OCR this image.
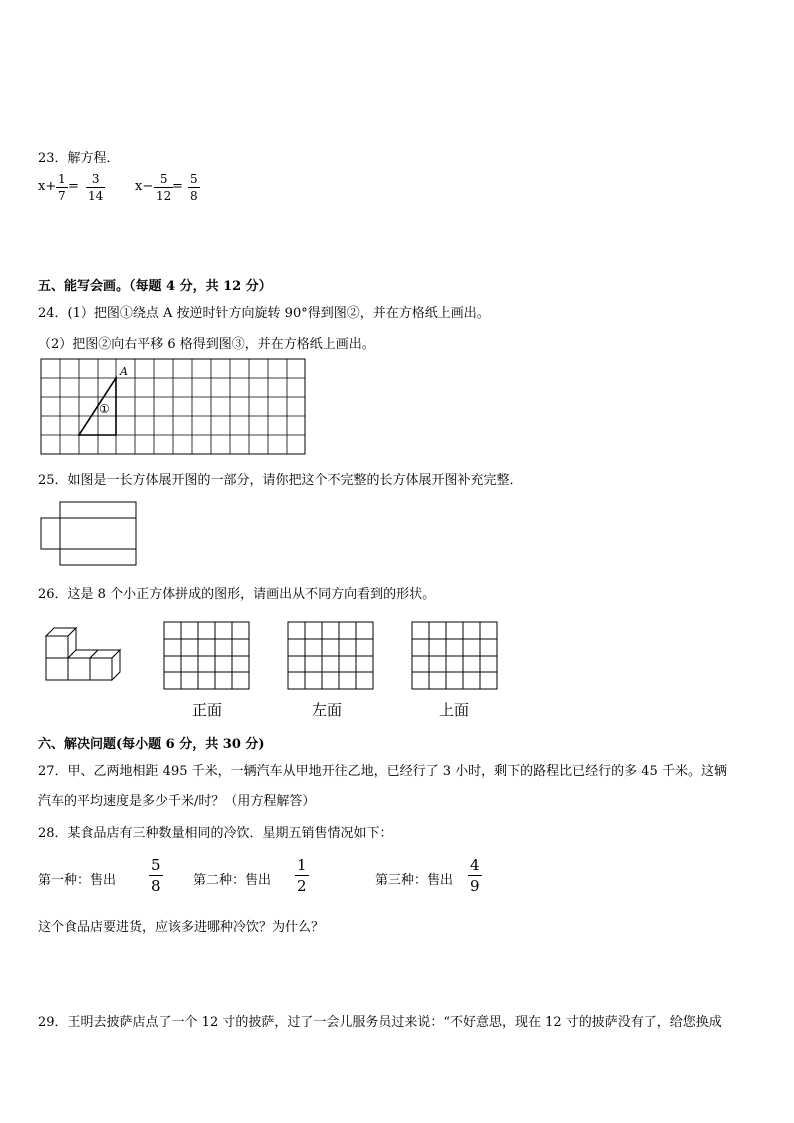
23．解方程．
x+ 1
7
= 3
14
x− 5
12
= 5
8
五、能写会画。（每题 4 分，共 12 分）
24．(1）把图①绕点 A 按逆时针方向旋转 90°得到图②，并在方格纸上画出。
（2）把图②向右平移 6 格得到图③，并在方格纸上画出。
A
①
25．如图是一长方体展开图的一部分，请你把这个不完整的长方体展开图补充完整．
26．这是 8 个小正方体拼成的图形，请画出从不同方向看到的形状。
正面	左面	上面
六、解决问题(每小题 6 分，共 30 分)
27．甲、乙两地相距 495 千米，一辆汽车从甲地开往乙地，已经行了 3 小时，剩下的路程比已经行的多 45 千米。这辆
汽车的平均速度是多少千米/时？（用方程解答）
28．某食品店有三种数量相同的冷饮．星期五销售情况如下：
第一种：售出
5
8 第二种：售出
1
2	第三种：售出
4
9
这个食品店要进货，应该多进哪种冷饮？为什么？
29．王明去披萨店点了一个 12 寸的披萨，过了一会儿服务员过来说：“不好意思，现在 12 寸的披萨没有了，给您换成
